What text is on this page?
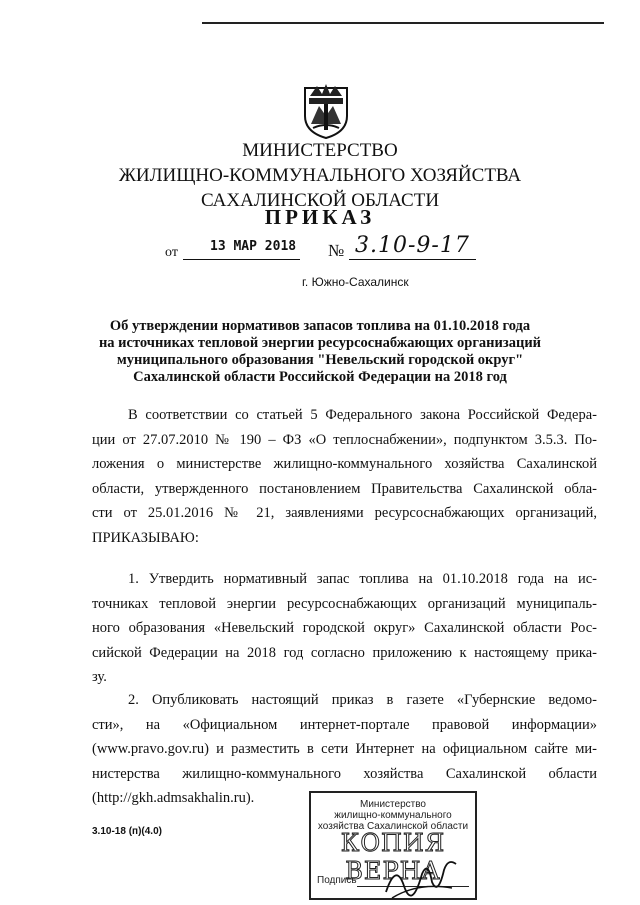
МИНИСТЕРСТВО
ЖИЛИЩНО-КОММУНАЛЬНОГО ХОЗЯЙСТВА
САХАЛИНСКОЙ ОБЛАСТИ
ПРИКАЗ
от 13 МАР 2018 № 3.10-9-17
г. Южно-Сахалинск
Об утверждении нормативов запасов топлива на 01.10.2018 года
на источниках тепловой энергии ресурсоснабжающих организаций
муниципального образования "Невельский городской округ"
Сахалинской области Российской Федерации на 2018 год
В соответствии со статьей 5 Федерального закона Российской Федера-
ции от 27.07.2010 № 190 – ФЗ «О теплоснабжении», подпунктом 3.5.3. По-
ложения о министерстве жилищно-коммунального хозяйства Сахалинской
области, утвержденного постановлением Правительства Сахалинской обла-
сти от 25.01.2016 № 21, заявлениями ресурсоснабжающих организаций,
ПРИКАЗЫВАЮ:
1. Утвердить нормативный запас топлива на 01.10.2018 года на ис-
точниках тепловой энергии ресурсоснабжающих организаций муниципаль-
ного образования «Невельский городской округ» Сахалинской области Рос-
сийской Федерации на 2018 год согласно приложению к настоящему прика-
зу.
2. Опубликовать настоящий приказ в газете «Губернские ведомо-
сти», на «Официальном интернет-портале правовой информации»
(www.pravo.gov.ru) и разместить в сети Интернет на официальном сайте ми-
нистерства жилищно-коммунального хозяйства Сахалинской области
(http://gkh.admsakhalin.ru).
3.10-18 (п)(4.0)
Министерство
жилищно-коммунального
хозяйства Сахалинской области
КОПИЯ ВЕРНА
Подпись
